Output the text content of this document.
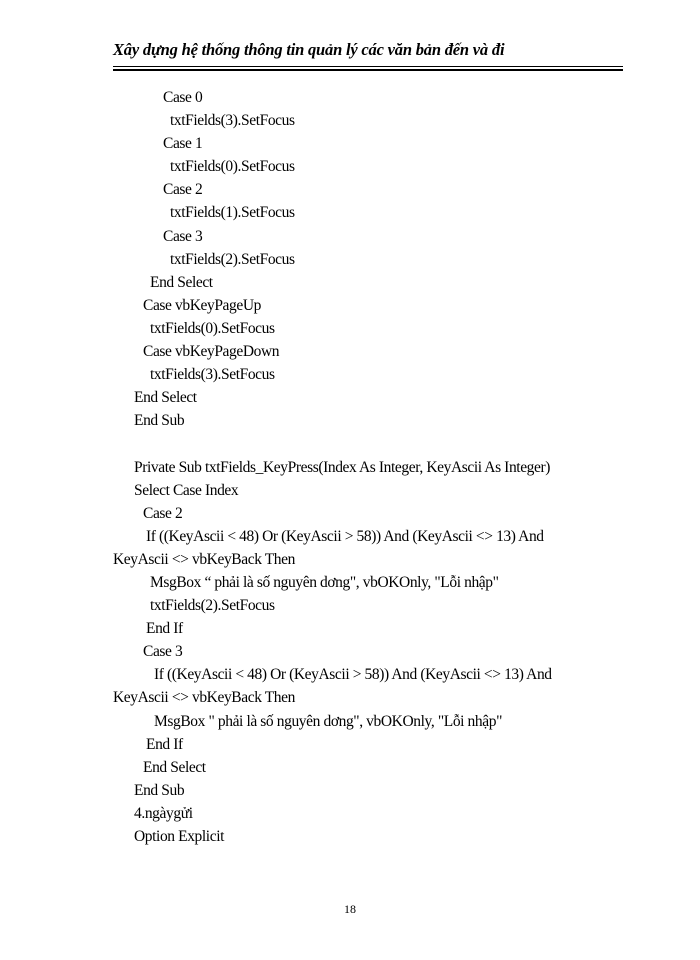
Xây dựng hệ thống thông tin quản lý các văn bản đến và đi
Case 0
txtFields(3).SetFocus
Case 1
txtFields(0).SetFocus
Case 2
txtFields(1).SetFocus
Case 3
txtFields(2).SetFocus
End Select
Case vbKeyPageUp
txtFields(0).SetFocus
Case vbKeyPageDown
txtFields(3).SetFocus
End Select
End Sub
Private Sub txtFields_KeyPress(Index As Integer, KeyAscii As Integer)
Select Case Index
Case 2
If ((KeyAscii < 48) Or (KeyAscii > 58)) And (KeyAscii <> 13) And
KeyAscii <> vbKeyBack Then
MsgBox “ phải là số nguyên dơng", vbOKOnly, "Lỗi nhập"
txtFields(2).SetFocus
End If
Case 3
If ((KeyAscii < 48) Or (KeyAscii > 58)) And (KeyAscii <> 13) And
KeyAscii <> vbKeyBack Then
MsgBox " phải là số nguyên dơng", vbOKOnly, "Lỗi nhập"
End If
End Select
End Sub
4.ngàygửi
Option Explicit
18
